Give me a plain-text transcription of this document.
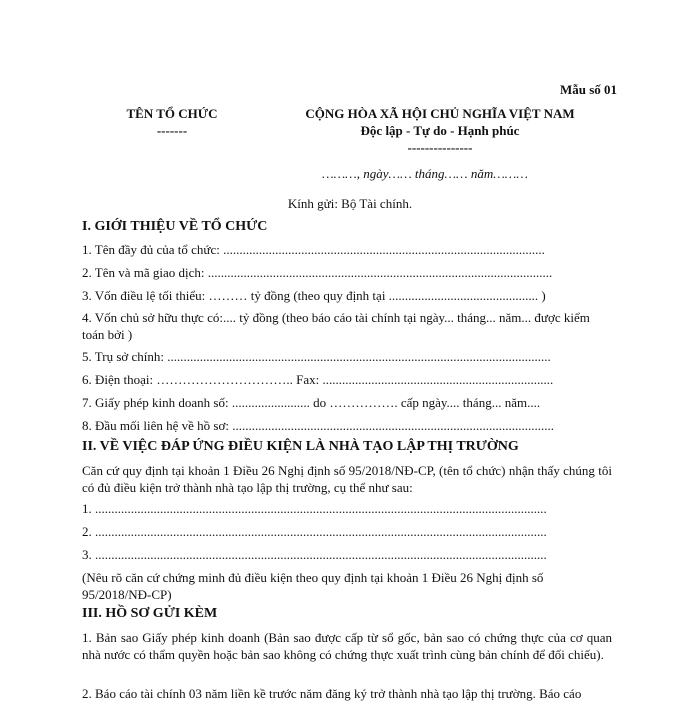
Mẫu số 01
TÊN TỔ CHỨC
-------
CỘNG HÒA XÃ HỘI CHỦ NGHĨA VIỆT NAM
Độc lập - Tự do - Hạnh phúc
---------------
………, ngày…… tháng…… năm………
Kính gửi: Bộ Tài chính.
I. GIỚI THIỆU VỀ TỔ CHỨC
1. Tên đầy đủ của tổ chức: ...................................................................................................
2. Tên và mã giao dịch: ..........................................................................................................
3. Vốn điều lệ tối thiểu: ……… tỷ đồng (theo quy định tại .............................................. )
4. Vốn chủ sở hữu thực có:.... tỷ đồng (theo báo cáo tài chính tại ngày... tháng... năm... được kiểm toán bởi )
5. Trụ sở chính: ......................................................................................................................
6. Điện thoại: ………………………….. Fax: .......................................................................
7. Giấy phép kinh doanh số: ........................ do ……………. cấp ngày.... tháng... năm....
8. Đầu mối liên hệ về hồ sơ: ...................................................................................................
II. VỀ VIỆC ĐÁP ỨNG ĐIỀU KIỆN LÀ NHÀ TẠO LẬP THỊ TRƯỜNG
Căn cứ quy định tại khoản 1 Điều 26 Nghị định số 95/2018/NĐ-CP, (tên tổ chức) nhận thấy chúng tôi có đủ điều kiện trở thành nhà tạo lập thị trường, cụ thể như sau:
1. ...........................................................................................................................................
2. ...........................................................................................................................................
3. ...........................................................................................................................................
(Nêu rõ căn cứ chứng minh đủ điều kiện theo quy định tại khoản 1 Điều 26 Nghị định số 95/2018/NĐ-CP)
III. HỒ SƠ GỬI KÈM
1. Bản sao Giấy phép kinh doanh (Bản sao được cấp từ sổ gốc, bản sao có chứng thực của cơ quan nhà nước có thẩm quyền hoặc bản sao không có chứng thực xuất trình cùng bản chính để đối chiếu).
2. Báo cáo tài chính 03 năm liền kề trước năm đăng ký trở thành nhà tạo lập thị trường. Báo cáo
